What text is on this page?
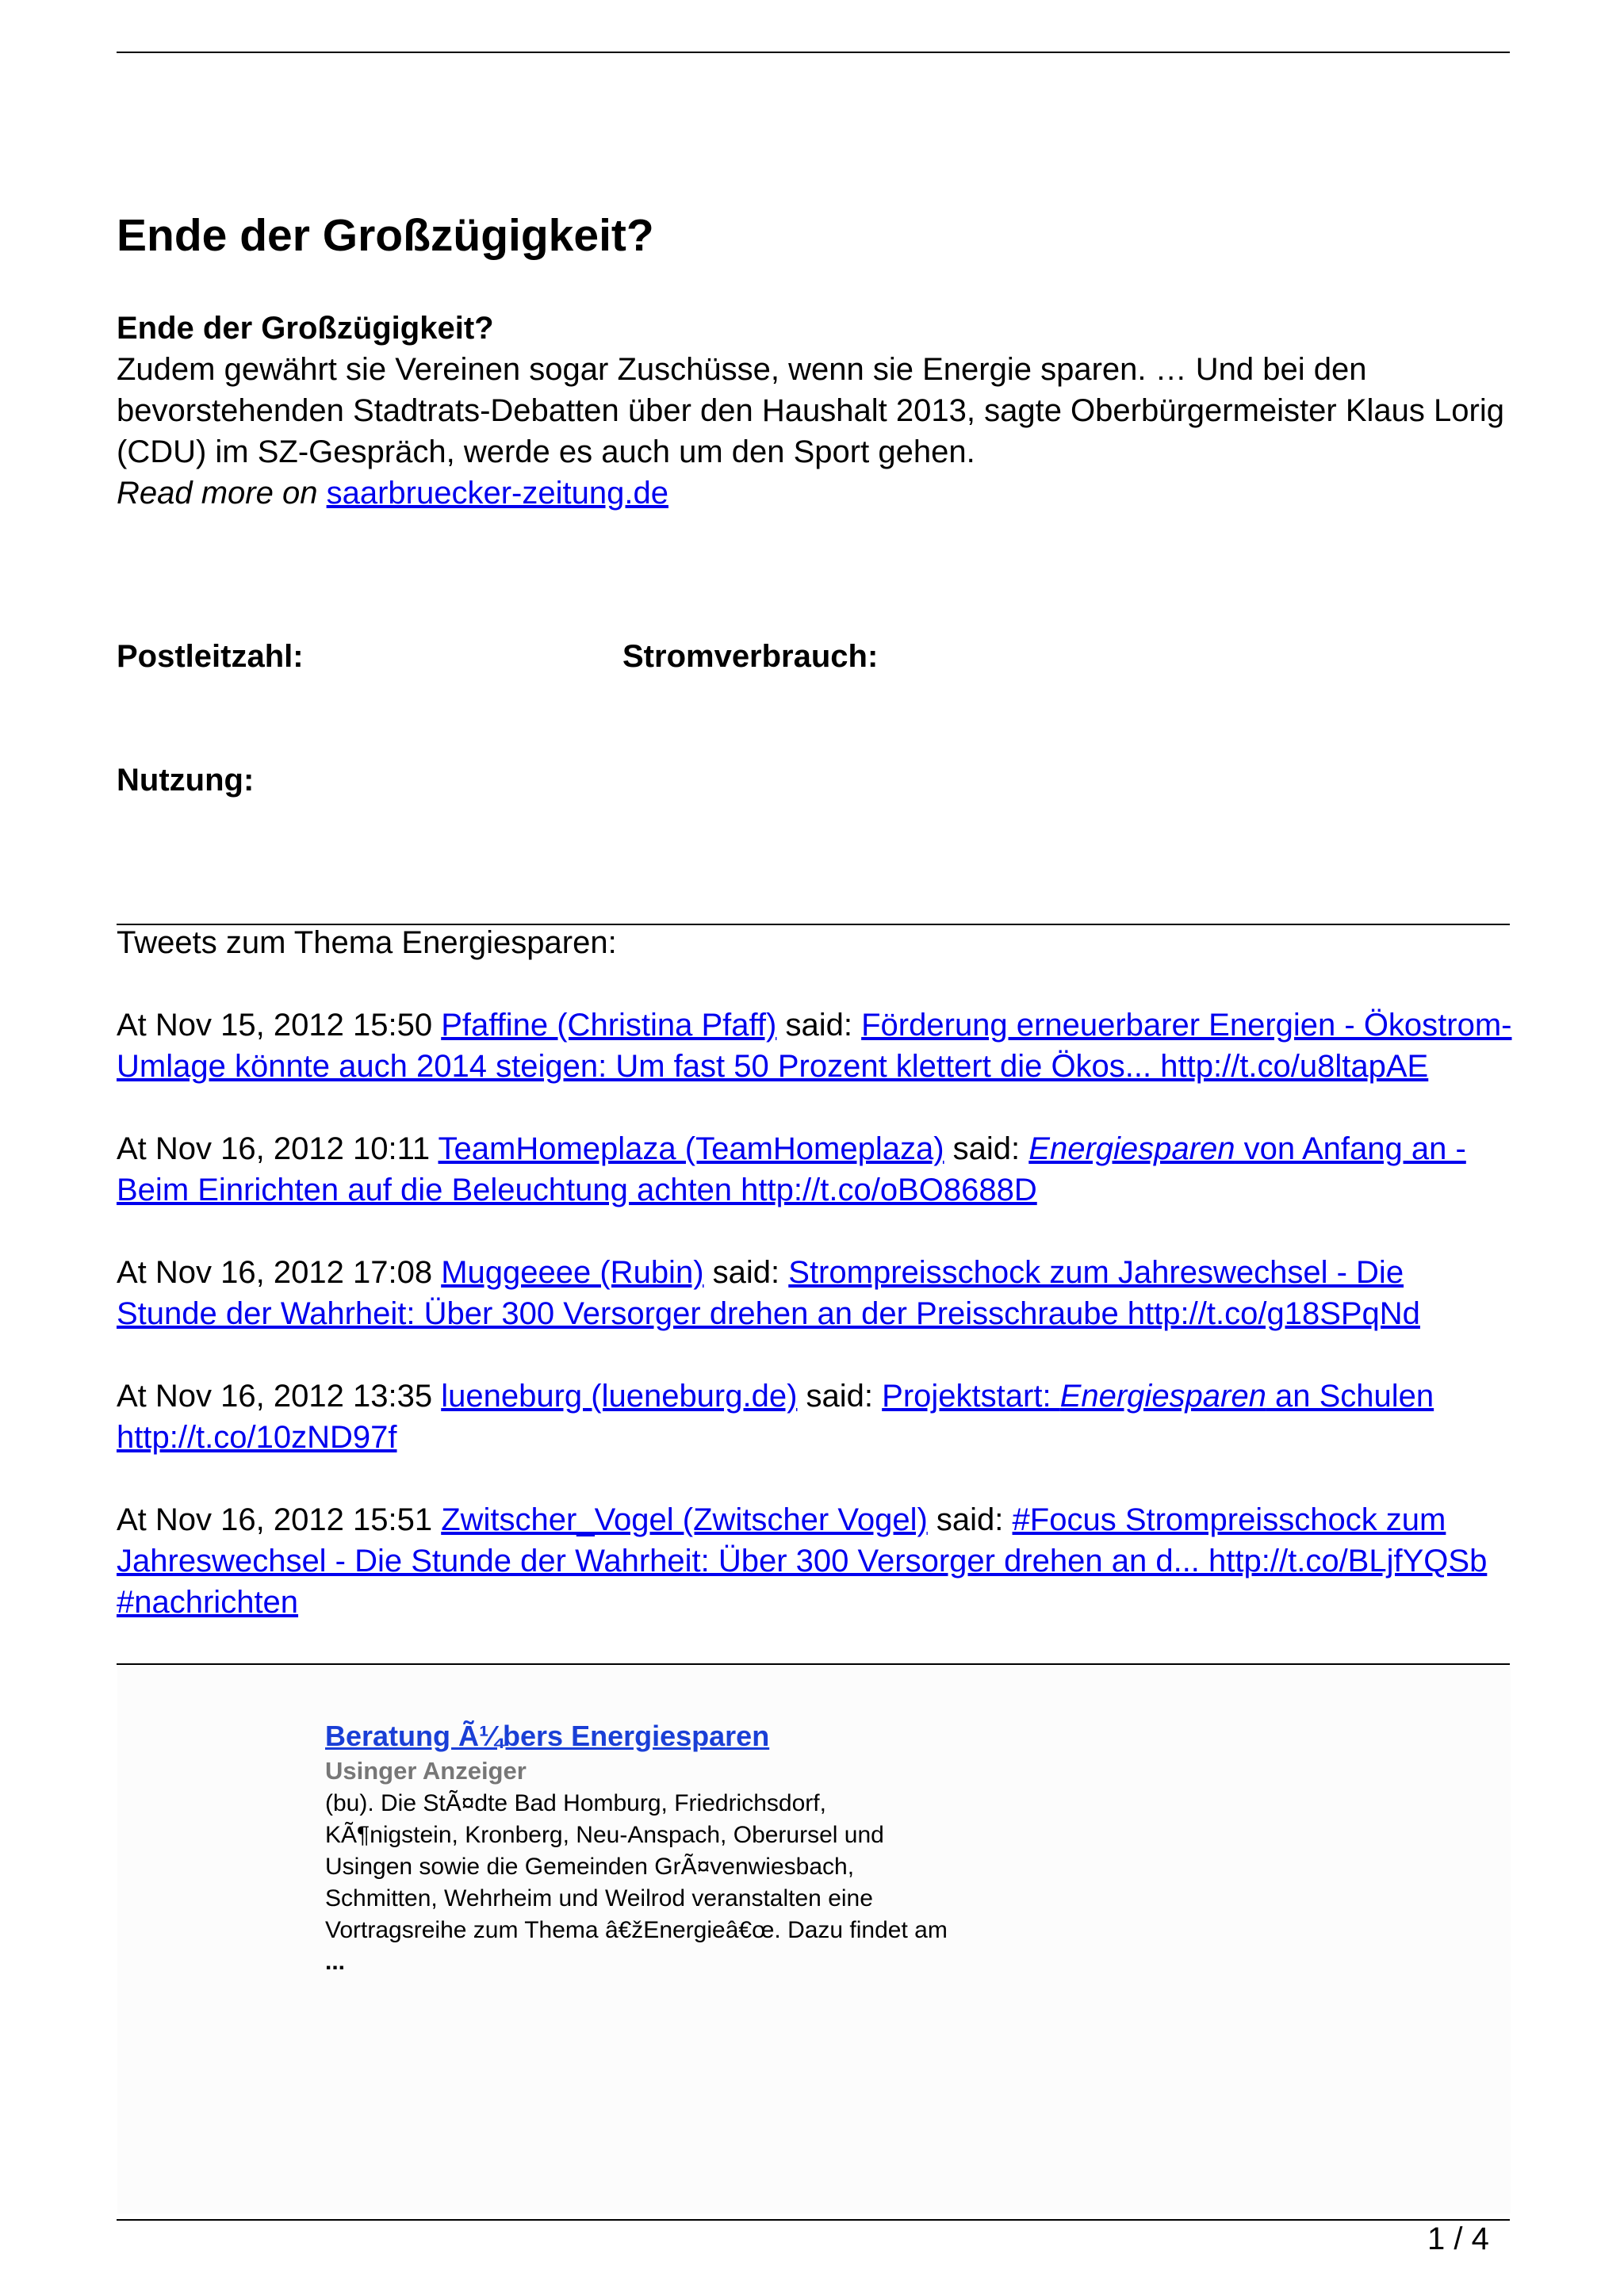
Ende der Großzügigkeit?
Ende der Großzügigkeit?
Zudem gewährt sie Vereinen sogar Zuschüsse, wenn sie Energie sparen. … Und bei den bevorstehenden Stadtrats-Debatten über den Haushalt 2013, sagte Oberbürgermeister Klaus Lorig (CDU) im SZ-Gespräch, werde es auch um den Sport gehen.
Read more on saarbruecker-zeitung.de
Postleitzahl:	Stromverbrauch:
Nutzung:
Tweets zum Thema Energiesparen:
At Nov 15, 2012 15:50 Pfaffine (Christina Pfaff) said: Förderung erneuerbarer Energien - Ökostrom-Umlage könnte auch 2014 steigen: Um fast 50 Prozent klettert die Ökos... http://t.co/u8ltapAE
At Nov 16, 2012 10:11 TeamHomeplaza (TeamHomeplaza) said: Energiesparen von Anfang an - Beim Einrichten auf die Beleuchtung achten http://t.co/oBO8688D
At Nov 16, 2012 17:08 Muggeeee (Rubin) said: Strompreisschock zum Jahreswechsel - Die Stunde der Wahrheit: Über 300 Versorger drehen an der Preisschraube http://t.co/g18SPqNd
At Nov 16, 2012 13:35 lueneburg (lueneburg.de) said: Projektstart: Energiesparen an Schulen http://t.co/10zND97f
At Nov 16, 2012 15:51 Zwitscher_Vogel (Zwitscher Vogel) said: #Focus Strompreisschock zum Jahreswechsel - Die Stunde der Wahrheit: Über 300 Versorger drehen an d... http://t.co/BLjfYQSb #nachrichten
Beratung Ã¼bers Energiesparen
Usinger Anzeiger
(bu). Die StÃ¤dte Bad Homburg, Friedrichsdorf,
KÃ¶nigstein, Kronberg, Neu-Anspach, Oberursel und
Usingen sowie die Gemeinden GrÃ¤venwiesbach,
Schmitten, Wehrheim und Weilrod veranstalten eine
Vortragsreihe zum Thema â€žEnergieâ€œ. Dazu findet am
...
1 / 4
